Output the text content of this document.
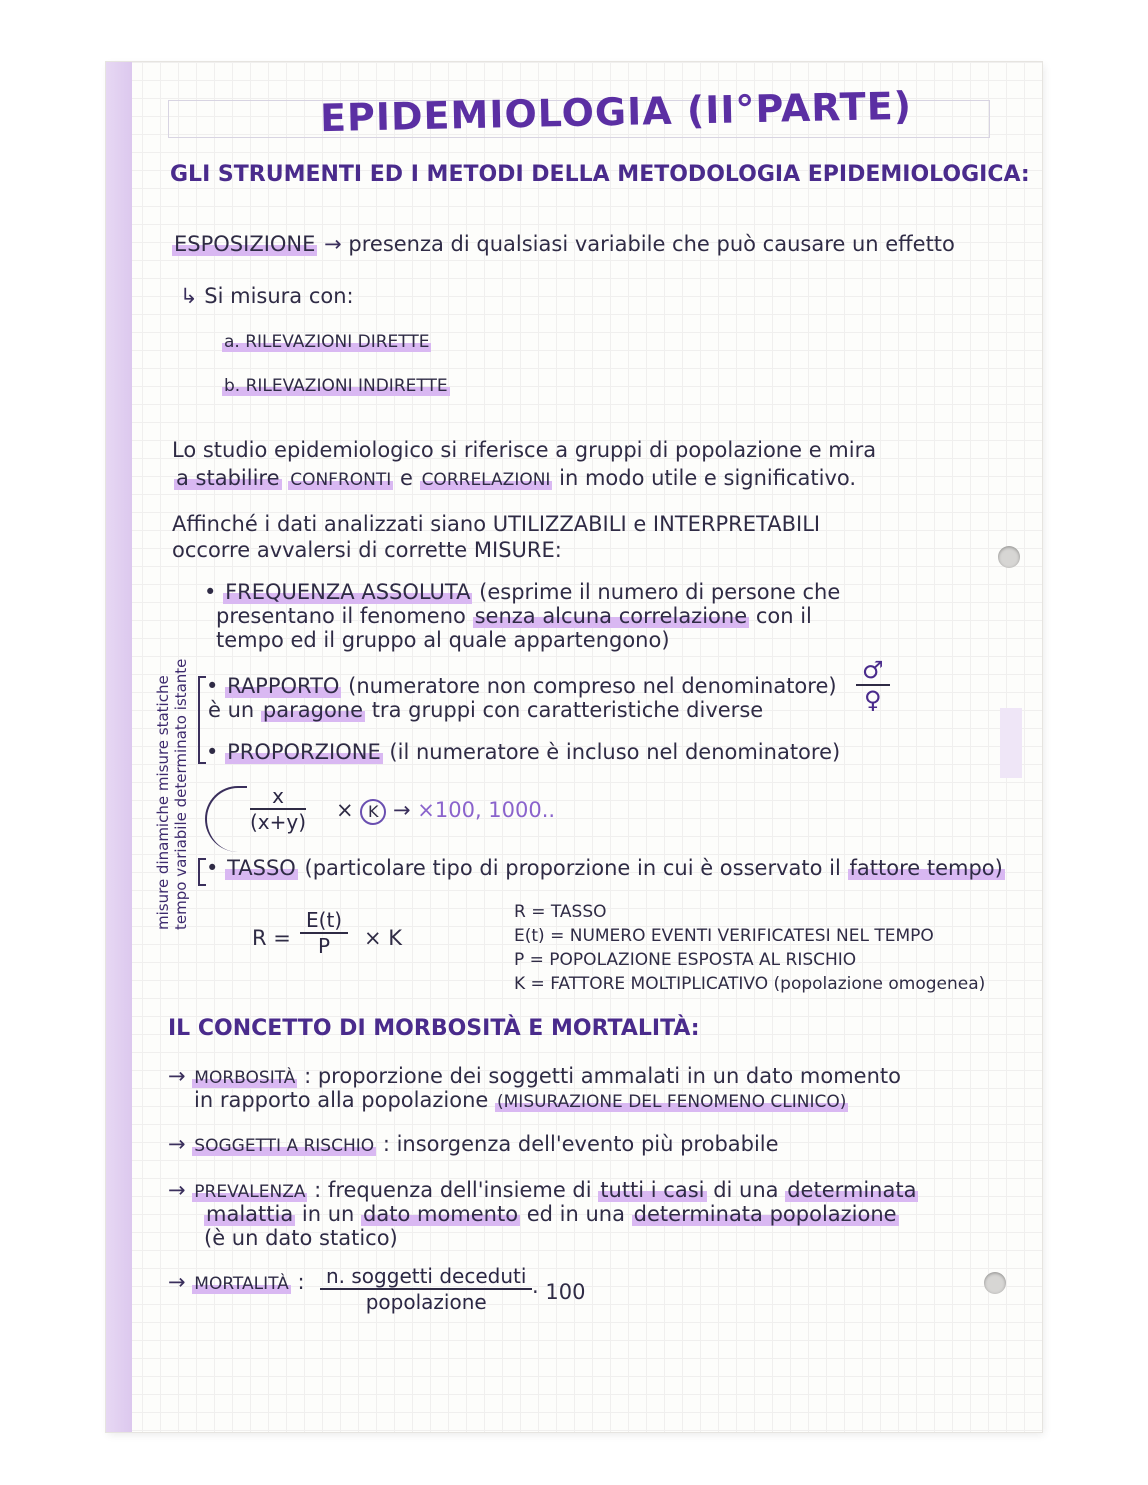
EPIDEMIOLOGIA (II°PARTE)
GLI STRUMENTI ED I METODI DELLA METODOLOGIA EPIDEMIOLOGICA:
ESPOSIZIONE → presenza di qualsiasi variabile che può causare un effetto
↳ Si misura con:
a. RILEVAZIONI DIRETTE
b. RILEVAZIONI INDIRETTE
Lo studio epidemiologico si riferisce a gruppi di popolazione e mira
a stabilire CONFRONTI e CORRELAZIONI in modo utile e significativo.
Affinché i dati analizzati siano UTILIZZABILI e INTERPRETABILI
occorre avvalersi di corrette MISURE:
misure dinamiche misure statiche tempo variabile determinato istante
• FREQUENZA ASSOLUTA (esprime il numero di persone che
presentano il fenomeno senza alcuna correlazione con il
tempo ed il gruppo al quale appartengono)
• RAPPORTO (numeratore non compreso nel denominatore)
è un paragone tra gruppi con caratteristiche diverse
♂
♀
• PROPORZIONE (il numeratore è incluso nel denominatore)
$\frac{x}{(x+y)} \times K \to \times 100$, 1000..
• TASSO (particolare tipo di proporzione in cui è osservato il fattore tempo)
$R = \frac{E(t)}{P} \times K$
R = TASSO
E(t) = NUMERO EVENTI VERIFICATESI NEL TEMPO
P = POPOLAZIONE ESPOSTA AL RISCHIO
K = FATTORE MOLTIPLICATIVO (popolazione omogenea)
IL CONCETTO DI MORBOSITÀ E MORTALITÀ:
→ MORBOSITÀ : proporzione dei soggetti ammalati in un dato momento
in rapporto alla popolazione (MISURAZIONE DEL FENOMENO CLINICO)
→ SOGGETTI A RISCHIO : insorgenza dell'evento più probabile
→ PREVALENZA : frequenza dell'insieme di tutti i casi di una determinata
malattia in un dato momento ed in una determinata popolazione
(è un dato statico)
→ MORTALITÀ :	n. soggetti deceduti
popolazione	· 100
